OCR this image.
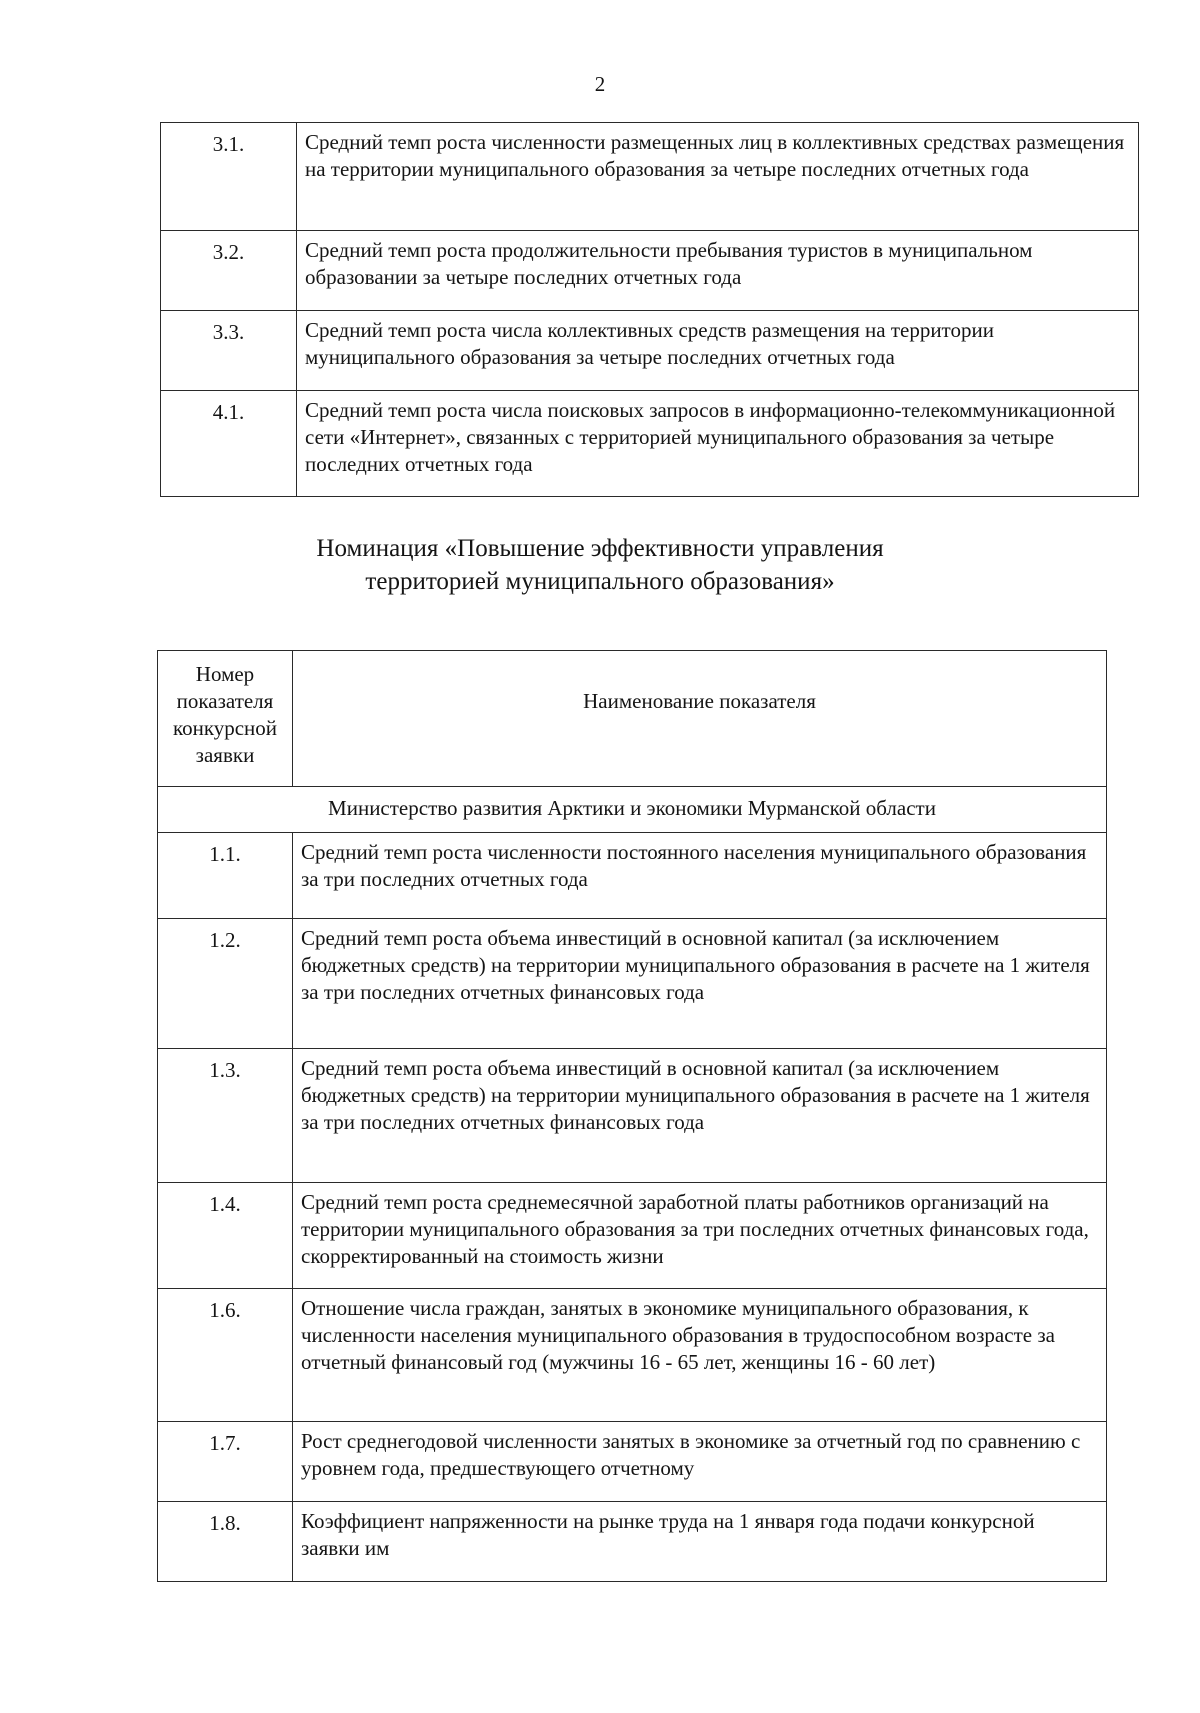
2
3.1.	Средний темп роста численности размещенных лиц в коллективных средствах размещения на территории муниципального образования за четыре последних отчетных года
3.2.	Средний темп роста продолжительности пребывания туристов в муниципальном образовании за четыре последних отчетных года
3.3.	Средний темп роста числа коллективных средств размещения на территории муниципального образования за четыре последних отчетных года
4.1.	Средний темп роста числа поисковых запросов в информационно-телекоммуникационной сети «Интернет», связанных с территорией муниципального образования за четыре последних отчетных года
Номинация «Повышение эффективности управления
территорией муниципального образования»
Номер показателя конкурсной заявки	Наименование показателя
Министерство развития Арктики и экономики Мурманской области	
1.1.	Средний темп роста численности постоянного населения муниципального образования за три последних отчетных года
1.2.	Средний темп роста объема инвестиций в основной капитал (за исключением бюджетных средств) на территории муниципального образования в расчете на 1 жителя за три последних отчетных финансовых года
1.3.	Средний темп роста объема инвестиций в основной капитал (за исключением бюджетных средств) на территории муниципального образования в расчете на 1 жителя за три последних отчетных финансовых года
1.4.	Средний темп роста среднемесячной заработной платы работников организаций на территории муниципального образования за три последних отчетных финансовых года, скорректированный на стоимость жизни
1.6.	Отношение числа граждан, занятых в экономике муниципального образования, к численности населения муниципального образования в трудоспособном возрасте за отчетный финансовый год (мужчины 16 - 65 лет, женщины 16 - 60 лет)
1.7.	Рост среднегодовой численности занятых в экономике за отчетный год по сравнению с уровнем года, предшествующего отчетному
1.8.	Коэффициент напряженности на рынке труда на 1 января года подачи конкурсной заявки им
